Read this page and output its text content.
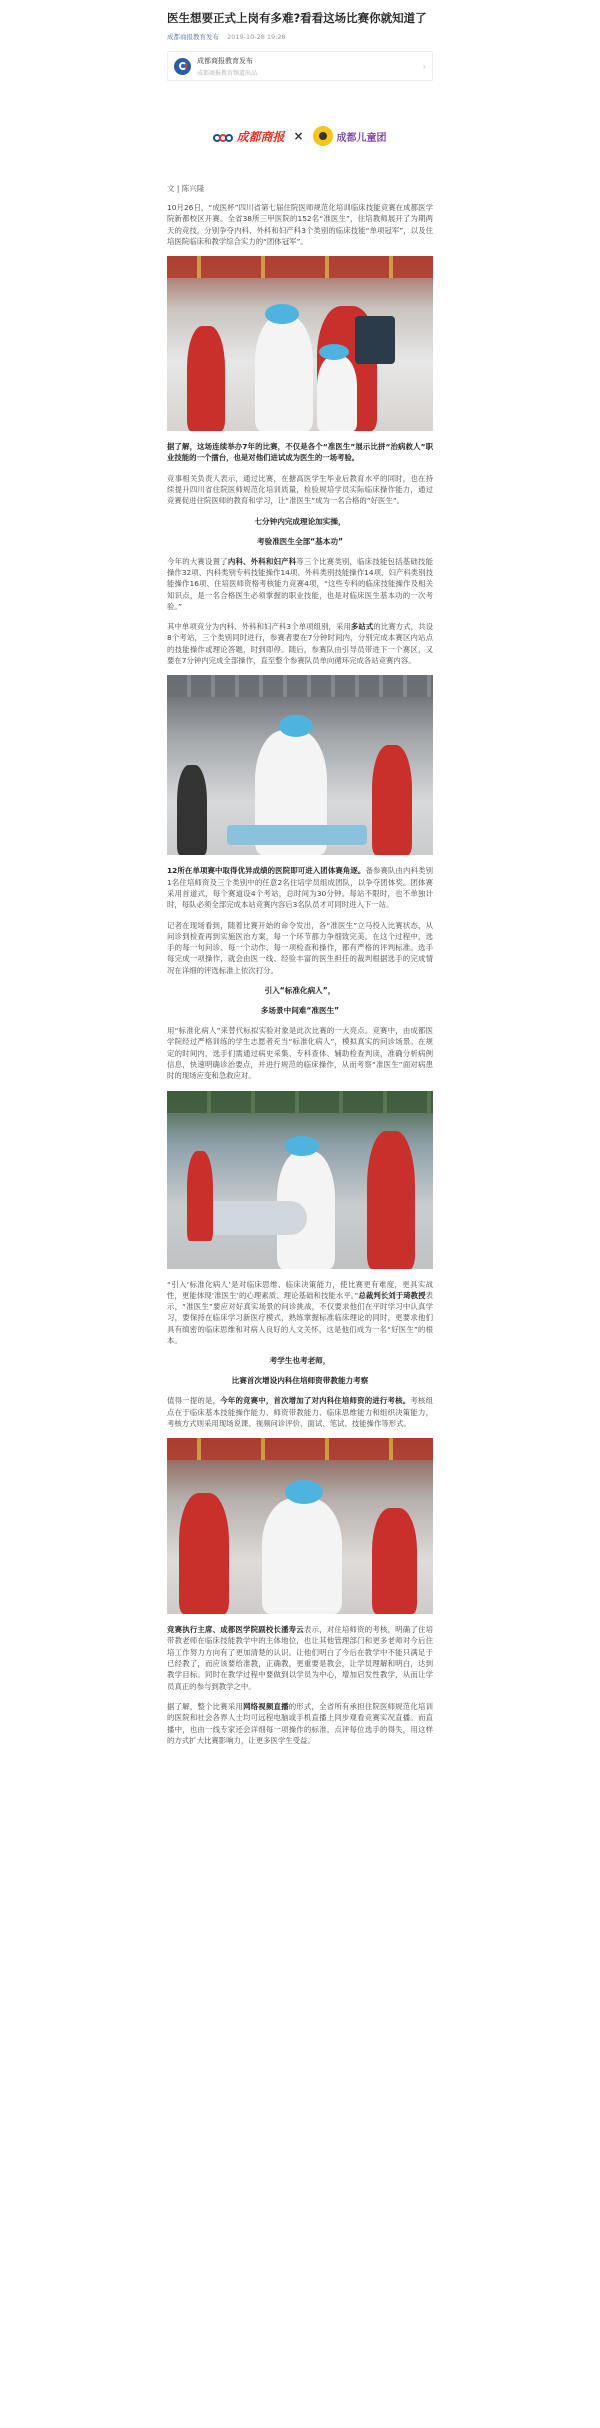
医生想要正式上岗有多难?看看这场比赛你就知道了
成都商报教育发布 2019-10-28 19:28
成都商报教育发布
成都商报教育频道出品
›
成都商报 ×	成都儿童团
文 | 陈兴隆

10月26日，“成医杯”四川省第七届住院医师规范化培训临床技能竞赛在成都医学院新都校区开赛。全省38所三甲医院的152名“准医生”，住培教师展开了为期两天的竞技，分别争夺内科、外科和妇产科3个类别的临床技能“单项冠军”，以及住培医院临床和教学综合实力的“团体冠军”。

据了解，这场连续举办7年的比赛，不仅是各个“准医生”展示比拼“治病救人”职业技能的一个擂台，也是对他们进试成为医生的一场考验。

竞事相关负责人表示，通过比赛，在搪高医学生毕业后教育水平的同时，也在持续提升四川省住院医师规范化培训质量，检验规培学员实际临床操作能力，通过竞赛促进住院医师的教育和学习，让“准医生”成为一名合格的“好医生”。

七分钟内完成理论加实操，
考验准医生全部“基本功”

今年的大赛设置了内科、外科和妇产科等三个比赛类别，临床技能包括基础技能操作32项、内科类别专科技能操作14项、外科类别技能操作14项、妇产科类别技能操作16项、住培医师资格考核能力竞赛4项，“这些专科的临床技能操作及相关知识点，是一名合格医生必须掌握的职业技能，也是对临床医生基本功的一次考验。”

其中单项竞分为内科、外科和妇产科3个单项组别，采用多站式的比赛方式，共设8个考站，三个类别同时进行，参赛者要在7分钟时间内，分别完成本赛区内站点的技能操作或理论答题，时到即停。随后，参赛队由引导员带进下一个赛区，又要在7分钟内完成全部操作，直至整个参赛队员单向循环完成各站竞赛内容。

12所在单项赛中取得优异成绩的医院即可进入团体赛角逐。备参赛队由内科类别1名住培师资及三个类别中的任意2名住培学员组成团队，以争夺团体奖。团体赛采用首道式，每个赛道设4个考站，总时间为30分钟。每站不限时，也不单独计时，每队必须全部完成本站竞赛内容后3名队员才可同时进入下一站。

记者在现场看到，随着比赛开始的命令发出，各“准医生”立马投入比赛状态，从问诊到检查再到实施医治方案，每一个环节都力争细致完美。在这个过程中，选手的每一句问诊、每一个动作、每一项检查和操作，都有严格的评判标准。选手每完成一项操作，就会由医一线、经验丰富的医生担任的裁判根据选手的完成情况在详细的评选标准上依次打分。

引入“标准化病人”，
多场景中间难“准医生”

用“标准化病人”来替代标拟实验对象是此次比赛的一大亮点。竞赛中，由成都医学院经过严格训练的学生志愿者充当“标准化病人”，模拟真实的问诊场景。在规定的时间内，选手们需通过病史采集、专科查体、辅助检查判读，准确分析病例信息，快速明确诊治要点，并进行规范的临床操作，从而考察“准医生”面对病患时的现场应变和急救应对。

“引入‘标准化病人’是对临床思维、临床决策能力，使比赛更有难度，更具实战性，更能体现‘准医生’的心理素质、理论基础和技能水平。”总裁判长刘于琦教授表示，“准医生”要应对好真实场景的问诊挑战，不仅要求他们在平时学习中认真学习，要保持在临床学习新医疗模式，熟练掌握标准临床理论的同时，更要求他们具有缜密的临床思维和对病人良好的人文关怀，这是他们成为一名“好医生”的根本。

考学生也考老师，
比赛首次增设内科住培师资带教能力考察

值得一提的是，今年的竞赛中，首次增加了对内科住培师资的进行考核。考核组点在于临床基本技能操作能力、师资带教能力、临床思维能力和组织决策能力，考核方式则采用现场说课、视频问诊评价、面试、笔试、技能操作等形式。

竞赛执行主席、成都医学院副校长潘寿云表示，对住培师资的考核，明确了住培带教老师在临床技能教学中的主体地位，也让其他管理部门和更多老师对今后住培工作努力方向有了更加清楚的认识。让他们明白了今后在教学中不能只满足于已经教了，而应该要给准教，正确教，更重要是教会，让学员理解和明白，达到教学目标。同时在教学过程中要做到以学员为中心，增加启发性教学，从而让学员真正的参与到教学之中。

据了解，整个比赛采用网络视频直播的形式，全省所有承担住院医师规范化培训的医院和社会各界人士均可远程电脑或手机直播上同步观看竞赛实况直播。而直播中，也由一线专家还会详细每一项操作的标准，点评每位选手的得失，用这样的方式扩大比赛影响力，让更多医学生受益。
